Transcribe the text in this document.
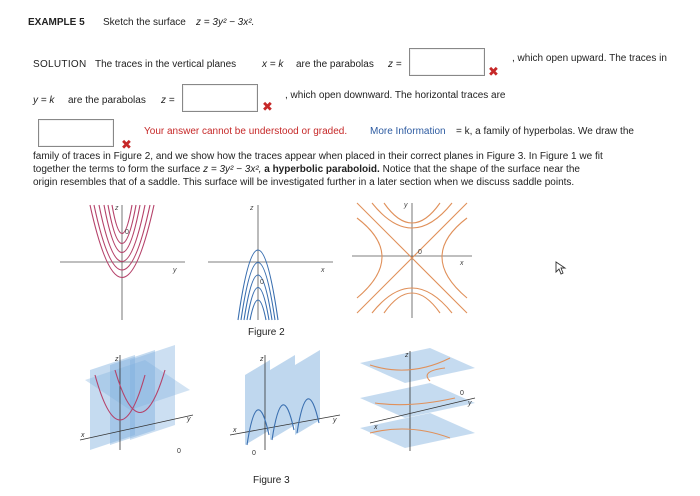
EXAMPLE 5 Sketch the surface z = 3y² − 3x².
SOLUTION The traces in the vertical planes	x = k are the parabolas z =	✖
, which open upward. The traces in
y = k are the parabolas z =	✖
, which open downward. The horizontal traces are
✖
Your answer cannot be understood or graded. More Information = k, a family of hyperbolas. We draw the
family of traces in Figure 2, and we show how the traces appear when placed in their correct planes in Figure 3. In Figure 1 we fit
together the terms to form the surface z = 3y² − 3x², a hyperbolic paraboloid. Notice that the shape of the surface near the
origin resembles that of a saddle. This surface will be investigated further in a later section when we discuss saddle points.
z
0
y
z
0
x
y
0
x
Figure 2
z
x
y
0
z
x
y
0
z
x
y
0
Figure 3
